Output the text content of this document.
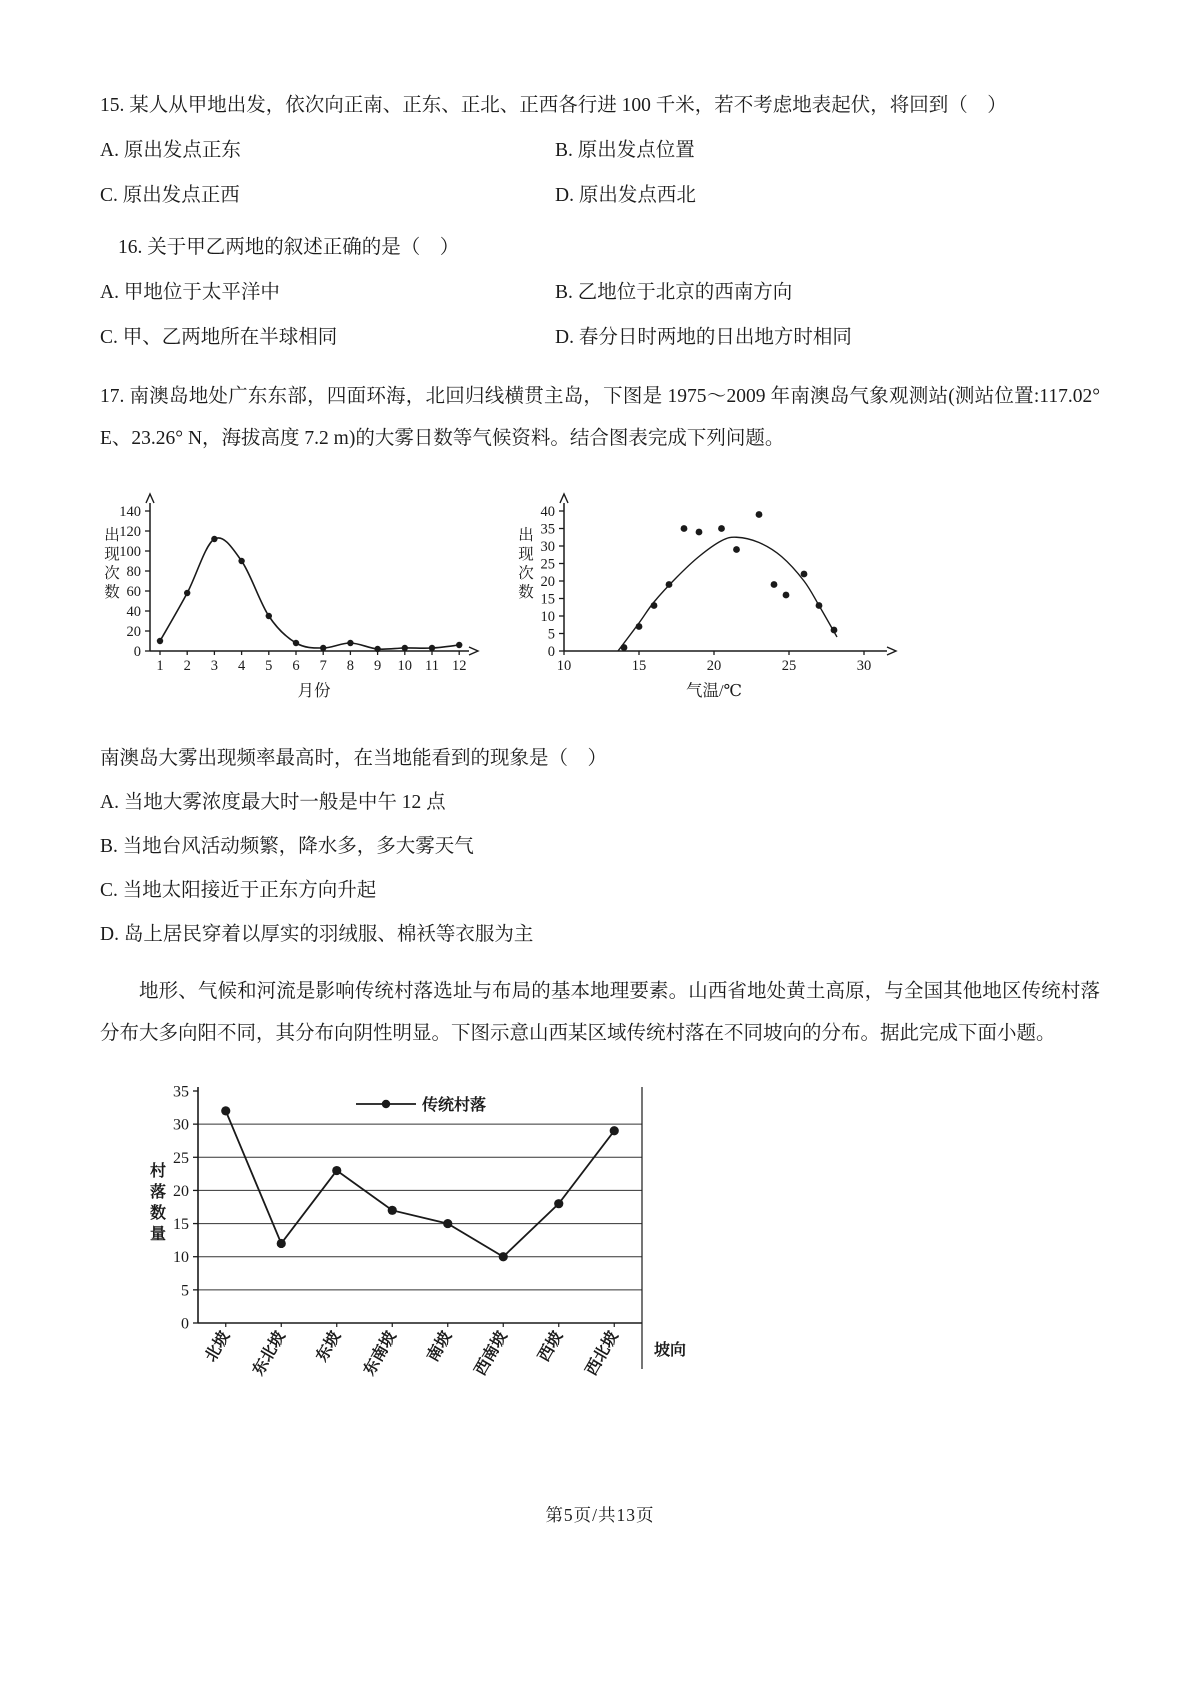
15. 某人从甲地出发，依次向正南、正东、正北、正西各行进 100 千米，若不考虑地表起伏，将回到（　）

A. 原出发点正东	B. 原出发点位置
C. 原出发点正西	D. 原出发点西北

16. 关于甲乙两地的叙述正确的是（　）

A. 甲地位于太平洋中	B. 乙地位于北京的西南方向
C. 甲、乙两地所在半球相同	D. 春分日时两地的日出地方时相同

17. 南澳岛地处广东东部，四面环海，北回归线横贯主岛，下图是 1975～2009 年南澳岛气象观测站(测站位置:117.02° E、23.26° N，海拔高度 7.2 m)的大雾日数等气候资料。结合图表完成下列问题。

0
20
40
60
80
100
120
140
1 2 3 4 5 6 7 8 9 10 11 12
出
现
次
数
月份
0
5
10
15
20
25
30
35
40
10	15	20	25	30
出
现
次
数
气温/℃

南澳岛大雾出现频率最高时，在当地能看到的现象是（　）

A. 当地大雾浓度最大时一般是中午 12 点

B. 当地台风活动频繁，降水多，多大雾天气

C. 当地太阳接近于正东方向升起

D. 岛上居民穿着以厚实的羽绒服、棉袄等衣服为主

地形、气候和河流是影响传统村落选址与布局的基本地理要素。山西省地处黄土高原，与全国其他地区传统村落分布大多向阳不同，其分布向阴性明显。下图示意山西某区域传统村落在不同坡向的分布。据此完成下面小题。

0
5
10
15
20
25
30
35
村
落
数
量
传统村落
北坡 东北坡 东坡 东南坡 南坡 西南坡 西坡 西北坡 坡向
第5页/共13页
